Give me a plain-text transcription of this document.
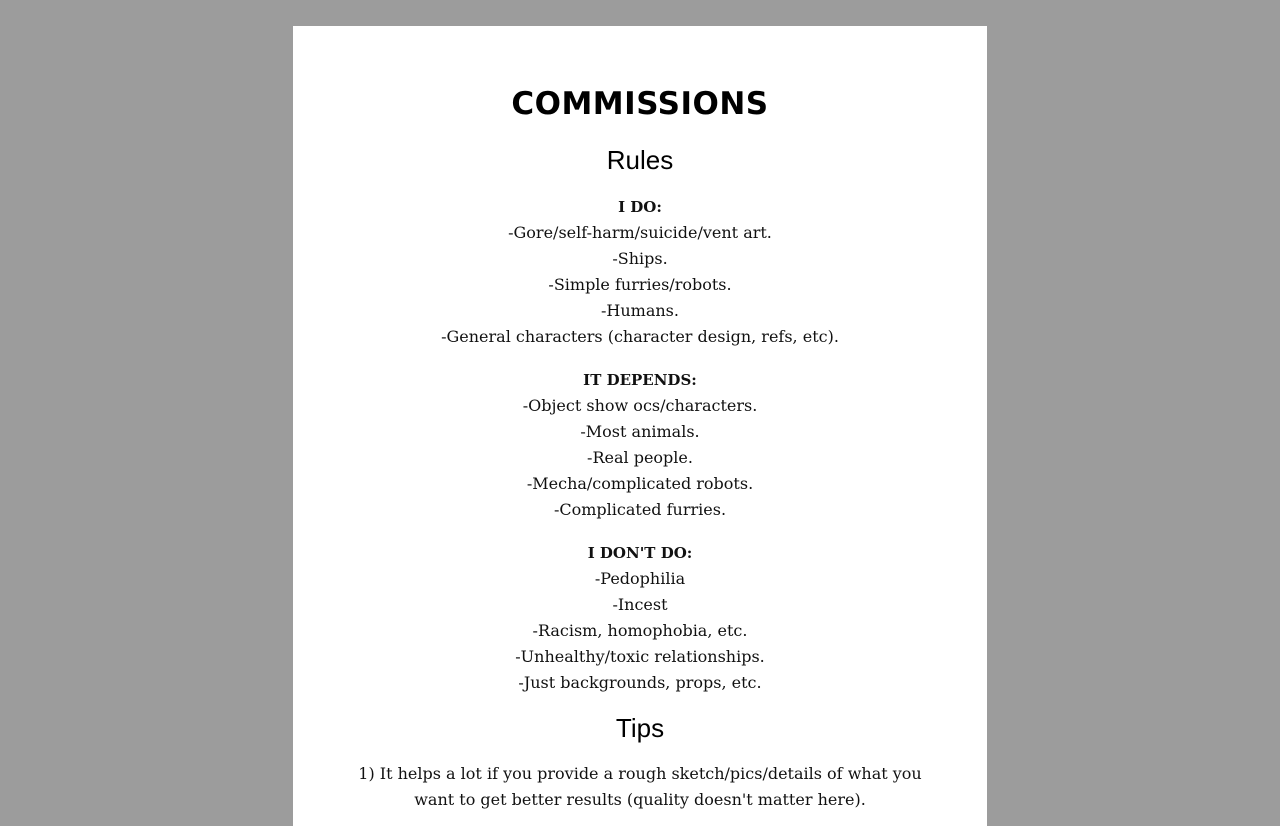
COMMISSIONS
Rules
I DO:
-Gore/self-harm/suicide/vent art.
-Ships.
-Simple furries/robots.
-Humans.
-General characters (character design, refs, etc).
IT DEPENDS:
-Object show ocs/characters.
-Most animals.
-Real people.
-Mecha/complicated robots.
-Complicated furries.
I DON'T DO:
-Pedophilia
-Incest
-Racism, homophobia, etc.
-Unhealthy/toxic relationships.
-Just backgrounds, props, etc.
Tips
1) It helps a lot if you provide a rough sketch/pics/details of what you want to get better results (quality doesn't matter here).
